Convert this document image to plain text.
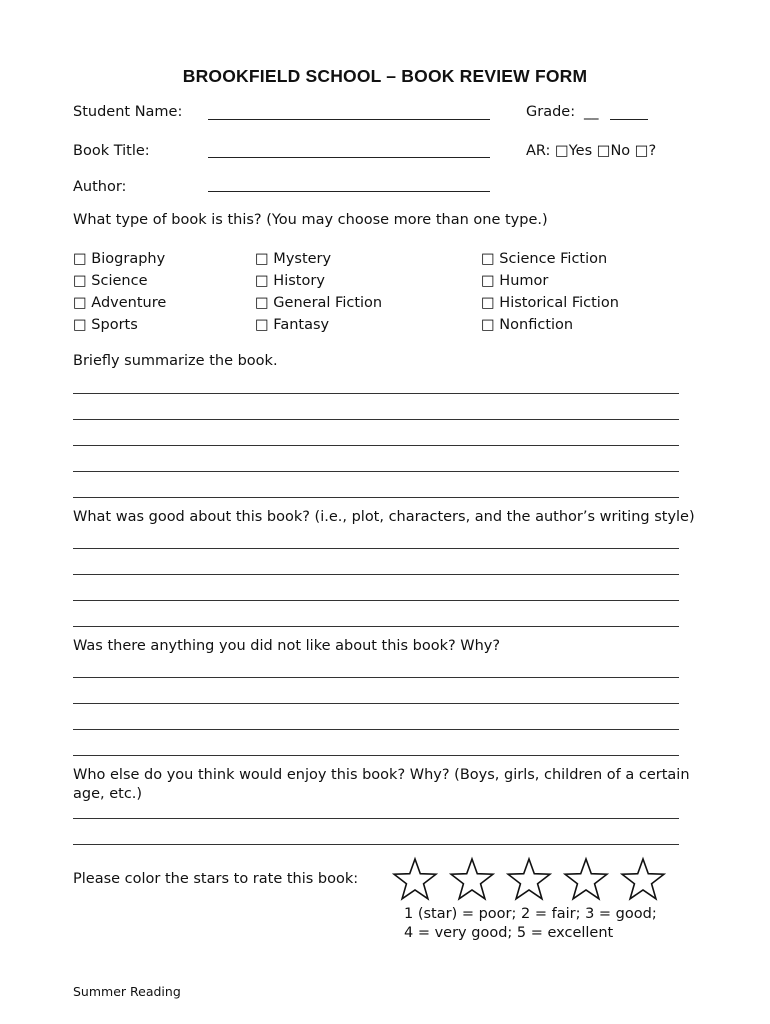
BROOKFIELD SCHOOL – BOOK REVIEW FORM
Student Name:	Grade: __
Book Title:	AR: □Yes □No □?
Author:
What type of book is this? (You may choose more than one type.)
□ Biography
□ Science
□ Adventure
□ Sports
□ Mystery
□ History
□ General Fiction
□ Fantasy
□ Science Fiction
□ Humor
□ Historical Fiction
□ Nonfiction
Briefly summarize the book.
What was good about this book? (i.e., plot, characters, and the author’s writing style)
Was there anything you did not like about this book? Why?
Who else do you think would enjoy this book? Why? (Boys, girls, children of a certain
age, etc.)
Please color the stars to rate this book:
1 (star) = poor; 2 = fair; 3 = good;
4 = very good; 5 = excellent
Summer Reading
